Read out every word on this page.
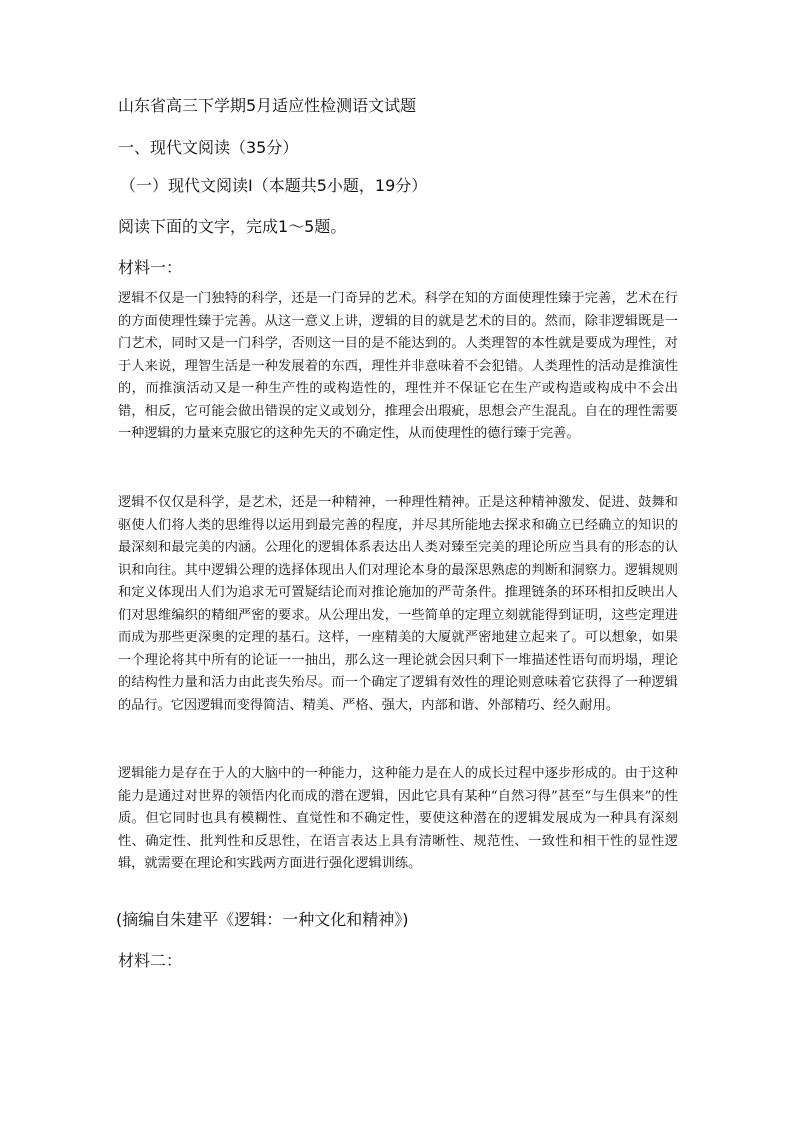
山东省高三下学期5月适应性检测语文试题
一、现代文阅读（35分）
（一）现代文阅读Ⅰ（本题共5小题，19分）
阅读下面的文字，完成1～5题。
材料一：
逻辑不仅是一门独特的科学，还是一门奇异的艺术。科学在知的方面使理性臻于完善，艺术在行的方面使理性臻于完善。从这一意义上讲，逻辑的目的就是艺术的目的。然而，除非逻辑既是一门艺术，同时又是一门科学，否则这一目的是不能达到的。人类理智的本性就是要成为理性，对于人来说，理智生活是一种发展着的东西，理性并非意味着不会犯错。人类理性的活动是推演性的，而推演活动又是一种生产性的或构造性的，理性并不保证它在生产或构造或构成中不会出错，相反，它可能会做出错误的定义或划分，推理会出瑕疵，思想会产生混乱。自在的理性需要一种逻辑的力量来克服它的这种先天的不确定性，从而使理性的德行臻于完善。
逻辑不仅仅是科学，是艺术，还是一种精神，一种理性精神。正是这种精神激发、促进、鼓舞和驱使人们将人类的思维得以运用到最完善的程度，并尽其所能地去探求和确立已经确立的知识的最深刻和最完美的内涵。公理化的逻辑体系表达出人类对臻至完美的理论所应当具有的形态的认识和向往。其中逻辑公理的选择体现出人们对理论本身的最深思熟虑的判断和洞察力。逻辑规则和定义体现出人们为追求无可置疑结论而对推论施加的严苛条件。推理链条的环环相扣反映出人们对思维编织的精细严密的要求。从公理出发，一些简单的定理立刻就能得到证明，这些定理进而成为那些更深奥的定理的基石。这样，一座精美的大厦就严密地建立起来了。可以想象，如果一个理论将其中所有的论证一一抽出，那么这一理论就会因只剩下一堆描述性语句而坍塌，理论的结构性力量和活力由此丧失殆尽。而一个确定了逻辑有效性的理论则意味着它获得了一种逻辑的品行。它因逻辑而变得简洁、精美、严格、强大，内部和谐、外部精巧、经久耐用。
逻辑能力是存在于人的大脑中的一种能力，这种能力是在人的成长过程中逐步形成的。由于这种能力是通过对世界的领悟内化而成的潜在逻辑，因此它具有某种“自然习得”甚至“与生俱来”的性质。但它同时也具有模糊性、直觉性和不确定性，要使这种潜在的逻辑发展成为一种具有深刻性、确定性、批判性和反思性，在语言表达上具有清晰性、规范性、一致性和相干性的显性逻辑，就需要在理论和实践两方面进行强化逻辑训练。
(摘编自朱建平《逻辑：一种文化和精神》)
材料二：
